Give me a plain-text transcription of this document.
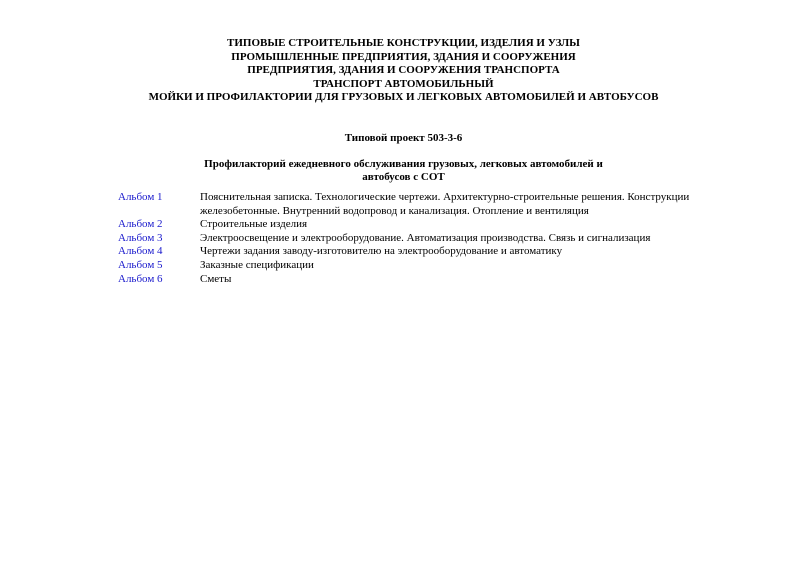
ТИПОВЫЕ СТРОИТЕЛЬНЫЕ КОНСТРУКЦИИ, ИЗДЕЛИЯ И УЗЛЫ
ПРОМЫШЛЕННЫЕ ПРЕДПРИЯТИЯ, ЗДАНИЯ И СООРУЖЕНИЯ
ПРЕДПРИЯТИЯ, ЗДАНИЯ И СООРУЖЕНИЯ ТРАНСПОРТА
ТРАНСПОРТ АВТОМОБИЛЬНЫЙ
МОЙКИ И ПРОФИЛАКТОРИИ ДЛЯ ГРУЗОВЫХ И ЛЕГКОВЫХ АВТОМОБИЛЕЙ И АВТОБУСОВ
Типовой проект 503-3-6
Профилакторий ежедневного обслуживания грузовых, легковых автомобилей и
автобусов с СОТ
Альбом 1	Пояснительная записка. Технологические чертежи. Архитектурно-строительные решения. Конструкции железобетонные. Внутренний водопровод и канализация. Отопление и вентиляция
Альбом 2	Строительные изделия
Альбом 3	Электроосвещение и электрооборудование. Автоматизация производства. Связь и сигнализация
Альбом 4	Чертежи задания заводу-изготовителю на электрооборудование и автоматику
Альбом 5	Заказные спецификации
Альбом 6	Сметы
